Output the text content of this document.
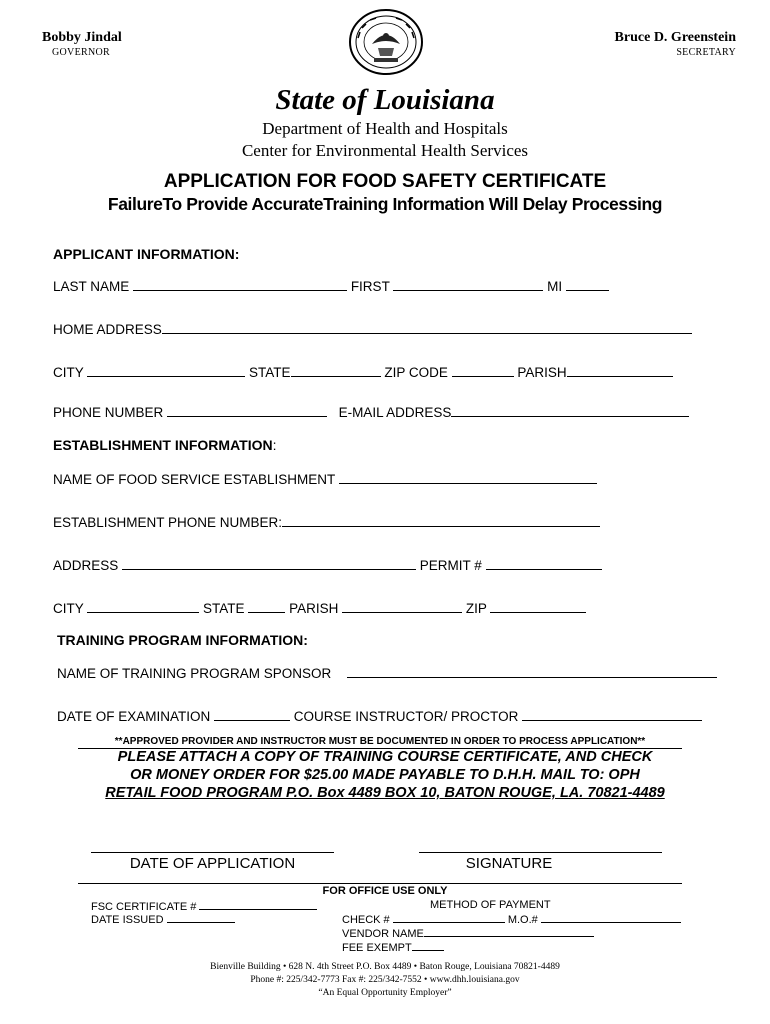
Bobby Jindal
GOVERNOR
Bruce D. Greenstein
SECRETARY
State of Louisiana
Department of Health and Hospitals
Center for Environmental Health Services
APPLICATION FOR FOOD SAFETY CERTIFICATE
FailureTo Provide AccurateTraining Information Will Delay Processing
APPLICANT INFORMATION:
LAST NAME	FIRST	MI
HOME ADDRESS
CITY	STATE	ZIP CODE	PARISH
PHONE NUMBER	E-MAIL ADDRESS
ESTABLISHMENT INFORMATION:
NAME OF FOOD SERVICE ESTABLISHMENT
ESTABLISHMENT PHONE NUMBER:
ADDRESS	PERMIT #
CITY	STATE	PARISH	ZIP
TRAINING PROGRAM INFORMATION:
NAME OF TRAINING PROGRAM SPONSOR
DATE OF EXAMINATION	COURSE INSTRUCTOR/ PROCTOR
**APPROVED PROVIDER AND INSTRUCTOR MUST BE DOCUMENTED IN ORDER TO PROCESS APPLICATION**
PLEASE ATTACH A COPY OF TRAINING COURSE CERTIFICATE, AND CHECK
OR MONEY ORDER FOR $25.00 MADE PAYABLE TO D.H.H. MAIL TO: OPH
RETAIL FOOD PROGRAM P.O. Box 4489 BOX 10, BATON ROUGE, LA. 70821-4489
DATE OF APPLICATION	SIGNATURE
FOR OFFICE USE ONLY
FSC CERTIFICATE #
DATE ISSUED
METHOD OF PAYMENT
CHECK #	M.O.#
VENDOR NAME
FEE EXEMPT
Bienville Building • 628 N. 4th Street P.O. Box 4489 • Baton Rouge, Louisiana 70821-4489
Phone #: 225/342-7773 Fax #: 225/342-7552 • www.dhh.louisiana.gov
“An Equal Opportunity Employer”
